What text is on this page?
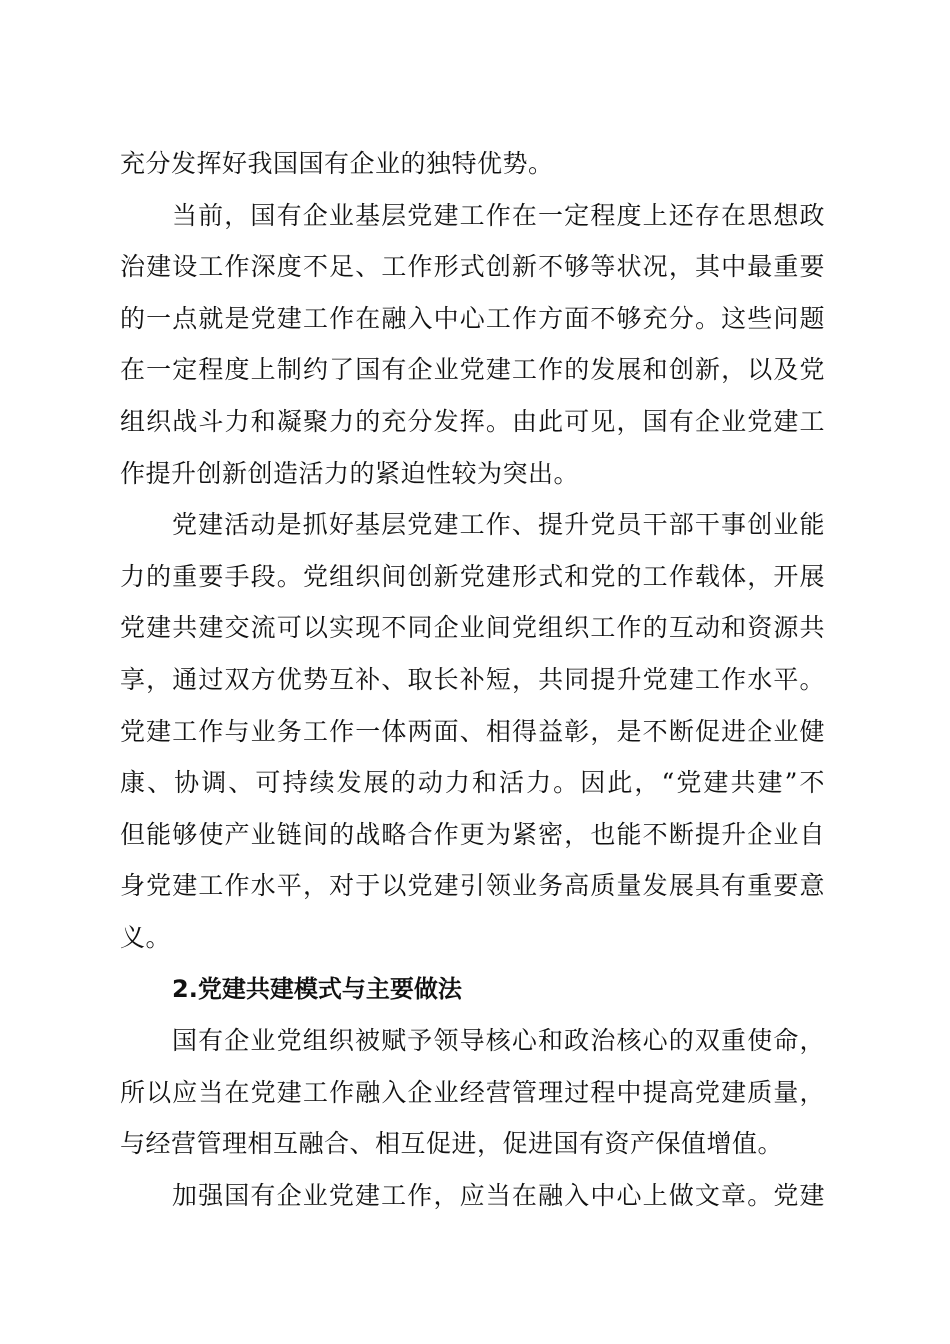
充分发挥好我国国有企业的独特优势。
当前，国有企业基层党建工作在一定程度上还存在思想政
治建设工作深度不足、工作形式创新不够等状况，其中最重要
的一点就是党建工作在融入中心工作方面不够充分。这些问题
在一定程度上制约了国有企业党建工作的发展和创新，以及党
组织战斗力和凝聚力的充分发挥。由此可见，国有企业党建工
作提升创新创造活力的紧迫性较为突出。
党建活动是抓好基层党建工作、提升党员干部干事创业能
力的重要手段。党组织间创新党建形式和党的工作载体，开展
党建共建交流可以实现不同企业间党组织工作的互动和资源共
享，通过双方优势互补、取长补短，共同提升党建工作水平。
党建工作与业务工作一体两面、相得益彰，是不断促进企业健
康、协调、可持续发展的动力和活力。因此，“党建共建”不
但能够使产业链间的战略合作更为紧密，也能不断提升企业自
身党建工作水平，对于以党建引领业务高质量发展具有重要意
义。
2.党建共建模式与主要做法
国有企业党组织被赋予领导核心和政治核心的双重使命，
所以应当在党建工作融入企业经营管理过程中提高党建质量，
与经营管理相互融合、相互促进，促进国有资产保值增值。
加强国有企业党建工作，应当在融入中心上做文章。党建
